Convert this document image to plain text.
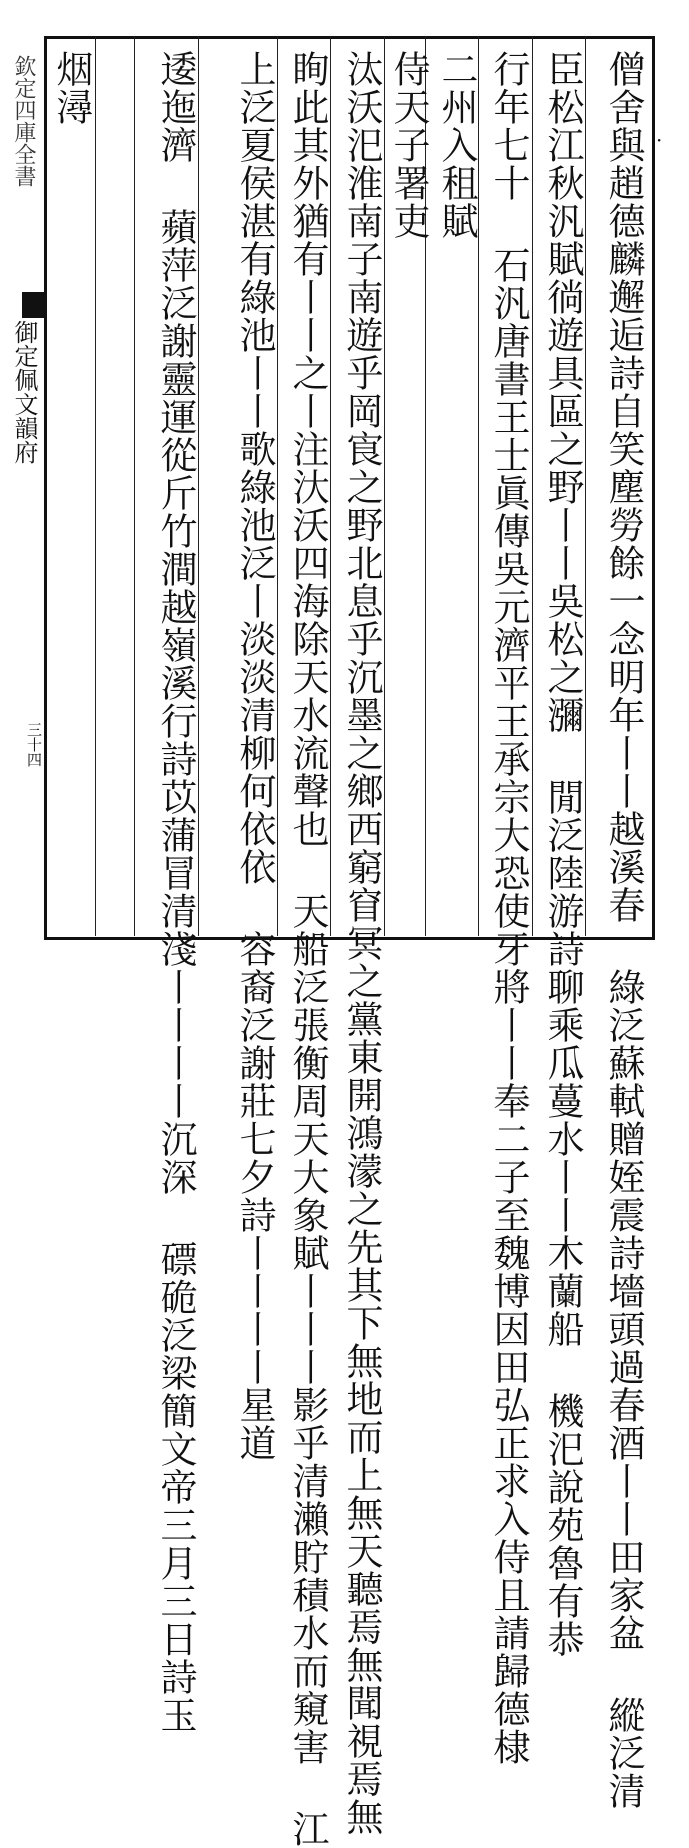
欽定四庫全書
御定佩文韻府
三十四
·
僧舍與趙德麟邂逅詩自笑塵勞餘一念明年丨丨越溪春 綠泛蘇軾贈姪震詩墻頭過春酒丨丨田家盆 縱泛清
臣松江秋汎賦徜遊具區之野丨丨吳松之瀰 閒泛陸游詩聊乘瓜蔓水丨丨木蘭船 機汜說苑魯有恭
行年七十 石汎唐書王士眞傳吳元濟平王承宗大恐使牙將丨丨奉二子至魏博因田弘正求入侍且請歸德棣
二州入租賦
侍天子署吏
汰沃汜淮南子南遊乎岡㝗之野北息乎沉墨之鄉西窮窅冥之黨東開鴻濛之先其下無地而上無天聽焉無聞視焉無
眴此其外猶有丨丨之丨注汏沃四海除天水流聲也 天船泛張衡周天大象賦丨丨丨影乎清瀨貯積水而窺害 江
上泛夏侯湛有綠池丨丨歌綠池泛丨淡淡清柳何依依 容裔泛謝莊七夕詩丨丨丨丨星道
逶迤濟 蘋萍泛謝靈運從斤竹澗越嶺溪行詩苡蒲冒清淺丨丨丨丨沉深 磦硊泛梁簡文帝三月三日詩玉
烟潯
